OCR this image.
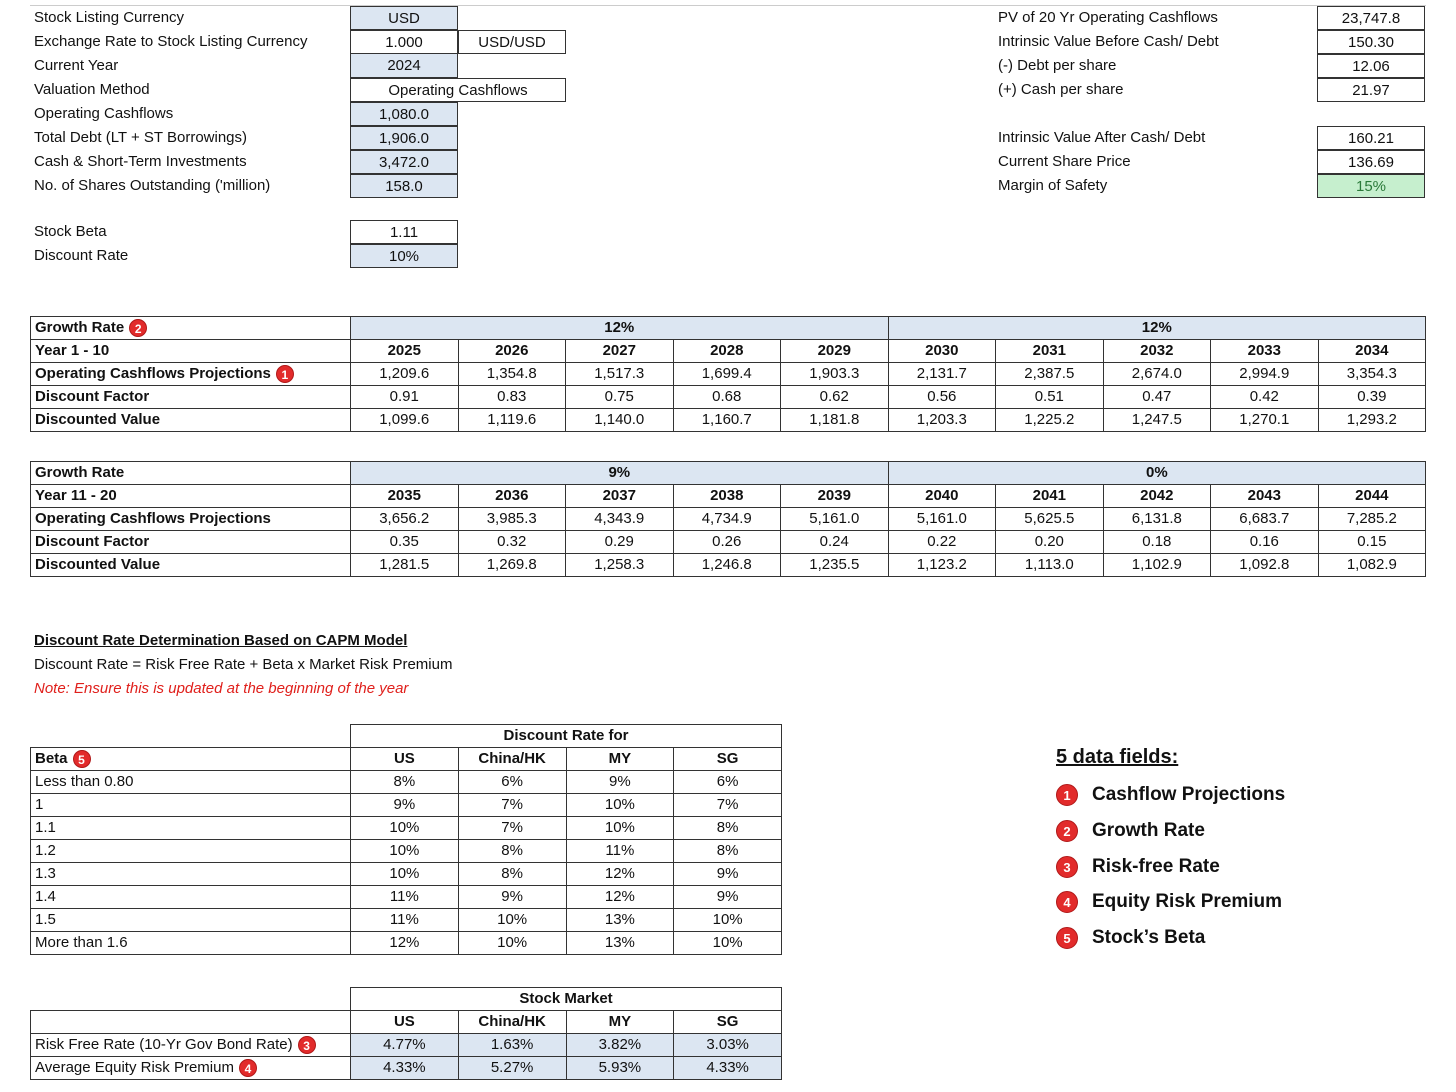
Stock Listing Currency	USD
Exchange Rate to Stock Listing Currency	1.000	USD/USD
Current Year	2024
Valuation Method	Operating Cashflows
Operating Cashflows	1,080.0
Total Debt (LT + ST Borrowings)	1,906.0
Cash & Short-Term Investments	3,472.0
No. of Shares Outstanding ('million)	158.0
Stock Beta	1.11
Discount Rate	10%
PV of 20 Yr Operating Cashflows	23,747.8
Intrinsic Value Before Cash/ Debt	150.30
(-) Debt per share	12.06
(+) Cash per share	21.97
Intrinsic Value After Cash/ Debt	160.21
Current Share Price	136.69
Margin of Safety	15%
Growth Rate 2	12%					12%				
Year 1 - 10	2025	2026	2027	2028	2029	2030	2031	2032	2033	2034
Operating Cashflows Projections 1	1,209.6	1,354.8	1,517.3	1,699.4	1,903.3	2,131.7	2,387.5	2,674.0	2,994.9	3,354.3
Discount Factor	0.91	0.83	0.75	0.68	0.62	0.56	0.51	0.47	0.42	0.39
Discounted Value	1,099.6	1,119.6	1,140.0	1,160.7	1,181.8	1,203.3	1,225.2	1,247.5	1,270.1	1,293.2
Growth Rate	9%					0%				
Year 11 - 20	2035	2036	2037	2038	2039	2040	2041	2042	2043	2044
Operating Cashflows Projections	3,656.2	3,985.3	4,343.9	4,734.9	5,161.0	5,161.0	5,625.5	6,131.8	6,683.7	7,285.2
Discount Factor	0.35	0.32	0.29	0.26	0.24	0.22	0.20	0.18	0.16	0.15
Discounted Value	1,281.5	1,269.8	1,258.3	1,246.8	1,235.5	1,123.2	1,113.0	1,102.9	1,092.8	1,082.9
Discount Rate Determination Based on CAPM Model
Discount Rate = Risk Free Rate + Beta x Market Risk Premium
Note: Ensure this is updated at the beginning of the year
	Discount Rate for			
Beta 5	US	China/HK	MY	SG
Less than 0.80	8%	6%	9%	6%
1	9%	7%	10%	7%
1.1	10%	7%	10%	8%
1.2	10%	8%	11%	8%
1.3	10%	8%	12%	9%
1.4	11%	9%	12%	9%
1.5	11%	10%	13%	10%
More than 1.6	12%	10%	13%	10%
	Stock Market			
	US	China/HK	MY	SG
Risk Free Rate (10-Yr Gov Bond Rate) 3	4.77%	1.63%	3.82%	3.03%
Average Equity Risk Premium 4	4.33%	5.27%	5.93%	4.33%
5 data fields:
1 Cashflow Projections
2 Growth Rate
3 Risk-free Rate
4 Equity Risk Premium
5 Stock’s Beta
